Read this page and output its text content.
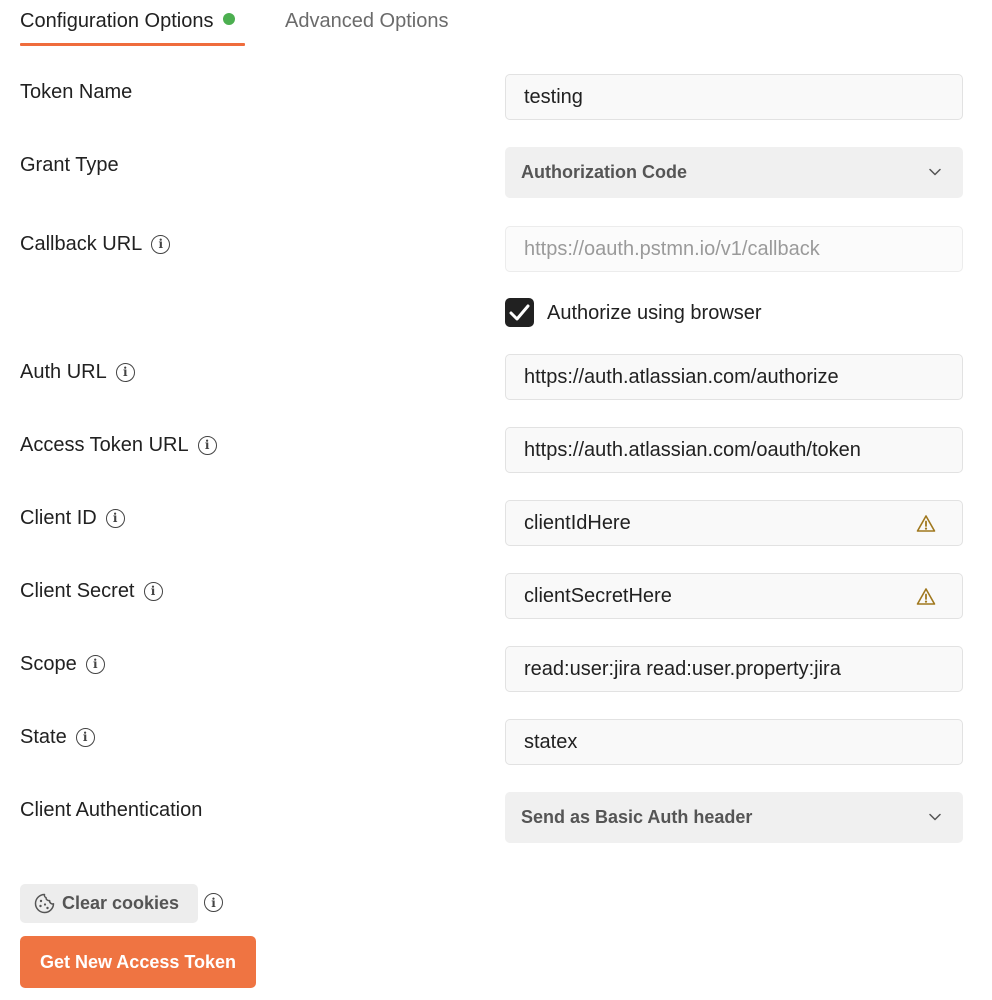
Configuration Options	Advanced Options
Token Name	testing
Grant Type	Authorization Code
Callback URL	i	https://oauth.pstmn.io/v1/callback
Authorize using browser
Auth URL	i	https://auth.atlassian.com/authorize
Access Token URL	i	https://auth.atlassian.com/oauth/token
Client ID	i	clientIdHere
Client Secret	i	clientSecretHere
Scope	i	read:user:jira read:user.property:jira
State	i	statex
Client Authentication	Send as Basic Auth header
Clear cookies	i
Get New Access Token
